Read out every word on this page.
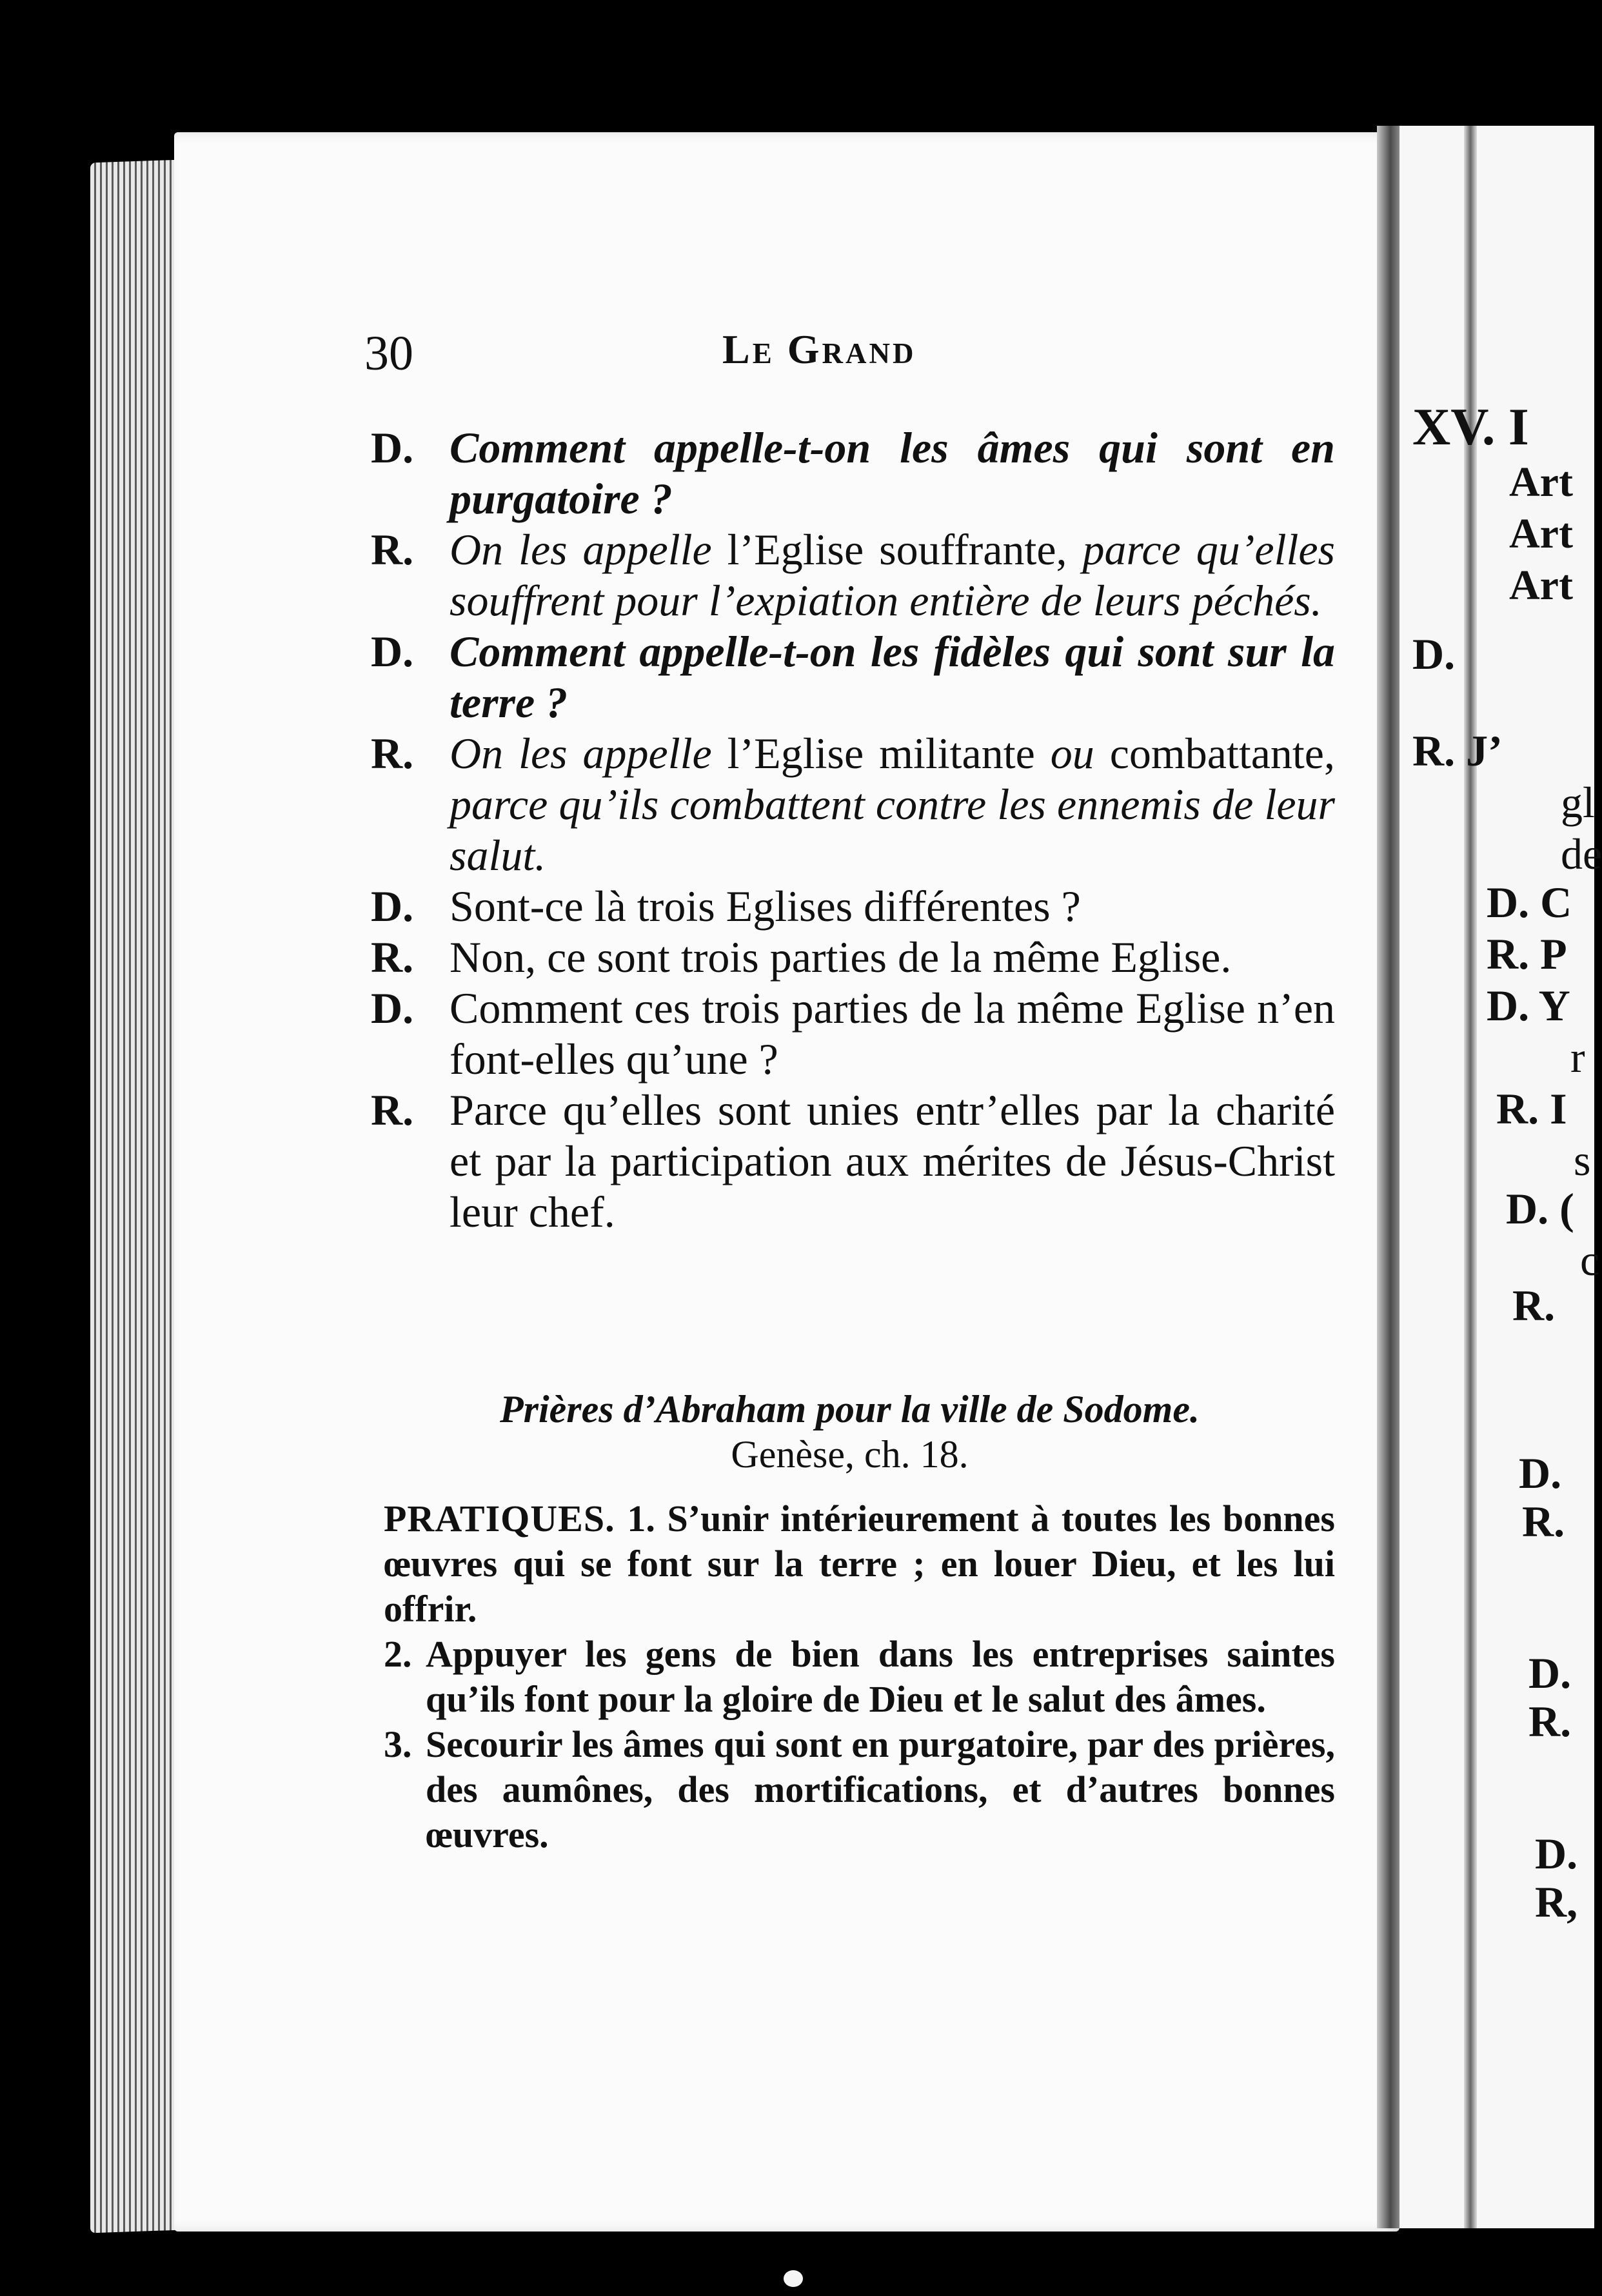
XV. I
Art
Art
Art
D.
R. J’
gl
de
D. C
R. P
D. Y
r
R. I
s
D. (
c
R.
D.
R.
D.
R.
D.
R,
30	Le Grand
D. Comment appelle-t-on les âmes qui sont en purgatoire ?
R. On les appelle l’Eglise souffrante, parce qu’elles souffrent pour l’expiation entière de leurs péchés.
D. Comment appelle-t-on les fidèles qui sont sur la terre ?
R. On les appelle l’Eglise militante ou combattante, parce qu’ils combattent contre les ennemis de leur salut.
D. Sont-ce là trois Eglises différentes ?
R. Non, ce sont trois parties de la même Eglise.
D. Comment ces trois parties de la même Eglise n’en font-elles qu’une ?
R. Parce qu’elles sont unies entr’elles par la charité et par la participation aux mérites de Jésus-Christ leur chef.
Prières d’Abraham pour la ville de Sodome.
Genèse, ch. 18.
PRATIQUES. 1. S’unir intérieurement à toutes les bonnes œuvres qui se font sur la terre ; en louer Dieu, et les lui offrir.
2. Appuyer les gens de bien dans les entreprises saintes qu’ils font pour la gloire de Dieu et le salut des âmes.
3. Secourir les âmes qui sont en purgatoire, par des prières, des aumônes, des mortifications, et d’autres bonnes œuvres.
